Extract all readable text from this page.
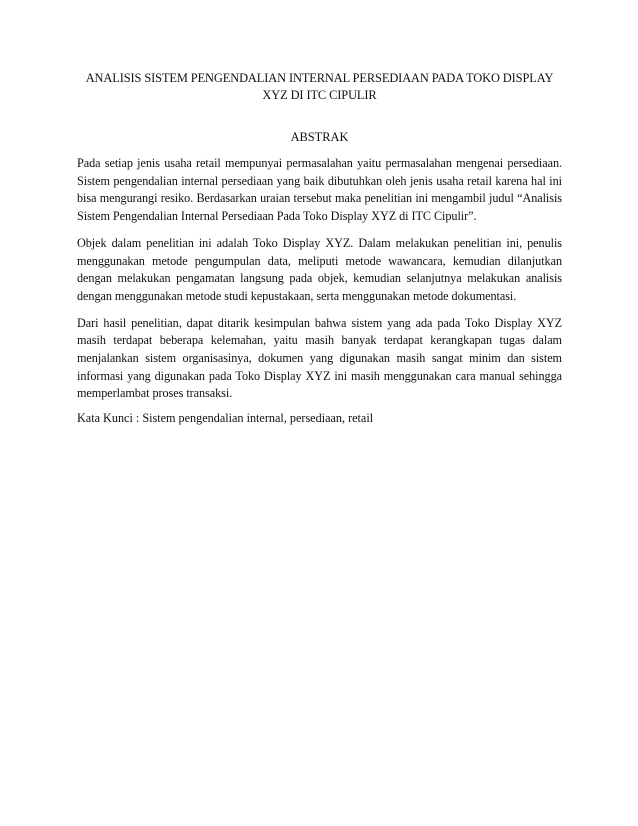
ANALISIS SISTEM PENGENDALIAN INTERNAL PERSEDIAAN PADA TOKO DISPLAY XYZ DI ITC CIPULIR
ABSTRAK

Pada setiap jenis usaha retail mempunyai permasalahan yaitu permasalahan mengenai persediaan. Sistem pengendalian internal persediaan yang baik dibutuhkan oleh jenis usaha retail karena hal ini bisa mengurangi resiko. Berdasarkan uraian tersebut maka penelitian ini mengambil judul “Analisis Sistem Pengendalian Internal Persediaan Pada Toko Display XYZ di ITC Cipulir”.

Objek dalam penelitian ini adalah Toko Display XYZ. Dalam melakukan penelitian ini, penulis menggunakan metode pengumpulan data, meliputi metode wawancara, kemudian dilanjutkan dengan melakukan pengamatan langsung pada objek, kemudian selanjutnya melakukan analisis dengan menggunakan metode studi kepustakaan, serta menggunakan metode dokumentasi.

Dari hasil penelitian, dapat ditarik kesimpulan bahwa sistem yang ada pada Toko Display XYZ masih terdapat beberapa kelemahan, yaitu masih banyak terdapat kerangkapan tugas dalam menjalankan sistem organisasinya, dokumen yang digunakan masih sangat minim dan sistem informasi yang digunakan pada Toko Display XYZ ini masih menggunakan cara manual sehingga memperlambat proses transaksi.

Kata Kunci : Sistem pengendalian internal, persediaan, retail
